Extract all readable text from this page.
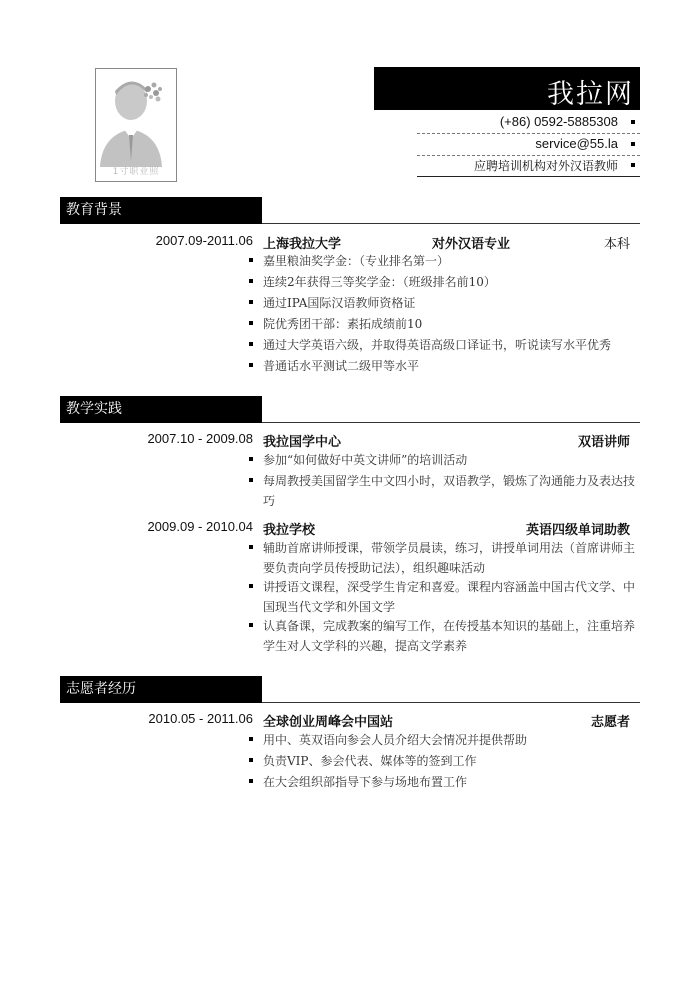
1寸职业照
我拉网
(+86) 0592-5885308
service@55.la
应聘培训机构对外汉语教师
教育背景
2007.09-2011.06 上海我拉大学	对外汉语专业	本科
嘉里粮油奖学金：（专业排名第一）
连续2年获得三等奖学金：（班级排名前10）
通过IPA国际汉语教师资格证
院优秀团干部：素拓成绩前10
通过大学英语六级，并取得英语高级口译证书，听说读写水平优秀
普通话水平测试二级甲等水平
教学实践
2007.10 - 2009.08 我拉国学中心	双语讲师
参加“如何做好中英文讲师”的培训活动
每周教授美国留学生中文四小时，双语教学，锻炼了沟通能力及表达技巧
2009.09 - 2010.04 我拉学校	英语四级单词助教
辅助首席讲师授课，带领学员晨读，练习，讲授单词用法（首席讲师主要负责向学员传授助记法），组织趣味活动
讲授语文课程，深受学生肯定和喜爱。课程内容涵盖中国古代文学、中国现当代文学和外国文学
认真备课，完成教案的编写工作，在传授基本知识的基础上，注重培养学生对人文学科的兴趣，提高文学素养
志愿者经历
2010.05 - 2011.06 全球创业周峰会中国站	志愿者
用中、英双语向参会人员介绍大会情况并提供帮助
负责VIP、参会代表、媒体等的签到工作
在大会组织部指导下参与场地布置工作
